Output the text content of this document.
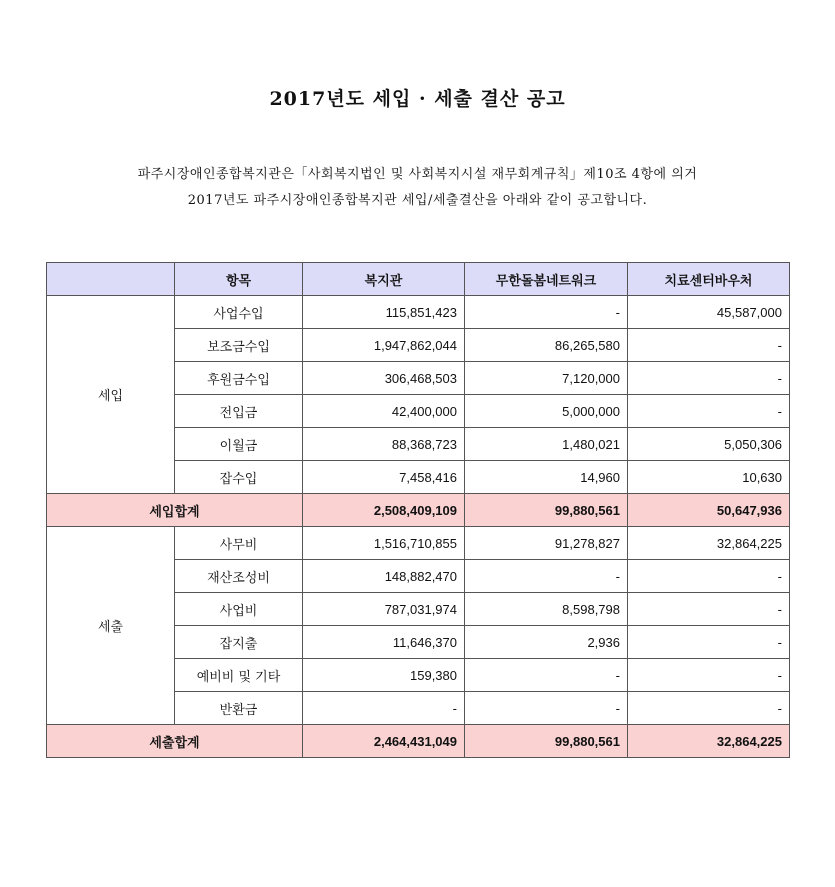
2017년도 세입 · 세출 결산 공고
파주시장애인종합복지관은「사회복지법인 및 사회복지시설 재무회계규칙」제10조 4항에 의거
2017년도 파주시장애인종합복지관 세입/세출결산을 아래와 같이 공고합니다.
	항목	복지관	무한돌봄네트워크	치료센터바우처
세입	사업수입	115,851,423	-	45,587,000
	보조금수입	1,947,862,044	86,265,580	-
	후원금수입	306,468,503	7,120,000	-
	전입금	42,400,000	5,000,000	-
	이월금	88,368,723	1,480,021	5,050,306
	잡수입	7,458,416	14,960	10,630
세입합계		2,508,409,109	99,880,561	50,647,936
세출	사무비	1,516,710,855	91,278,827	32,864,225
	재산조성비	148,882,470	-	-
	사업비	787,031,974	8,598,798	-
	잡지출	11,646,370	2,936	-
	예비비 및 기타	159,380	-	-
	반환금	-	-	-
세출합계		2,464,431,049	99,880,561	32,864,225
